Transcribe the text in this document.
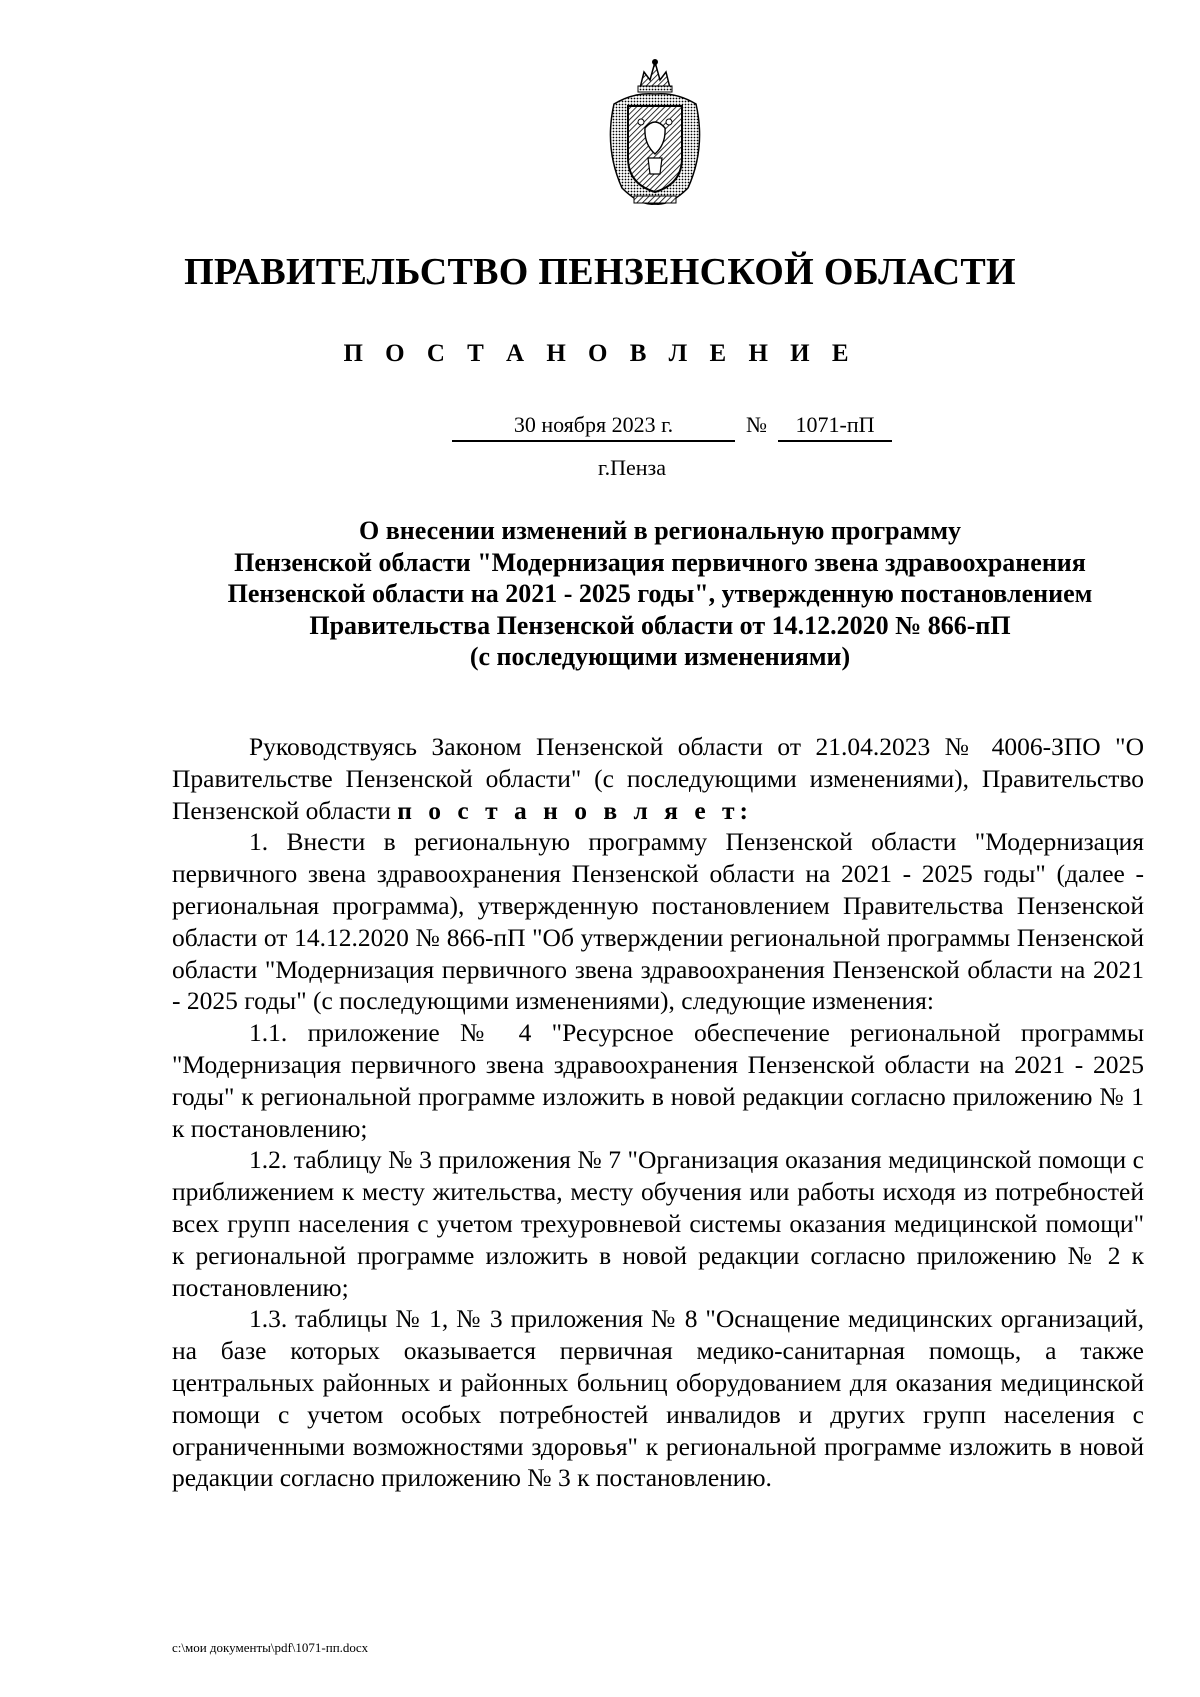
ПРАВИТЕЛЬСТВО ПЕНЗЕНСКОЙ ОБЛАСТИ
П О С Т А Н О В Л Е Н И Е
30 ноября 2023 г.	№	1071-пП
г.Пенза
О внесении изменений в региональную программу
Пензенской области "Модернизация первичного звена здравоохранения
Пензенской области на 2021 - 2025 годы", утвержденную постановлением
Правительства Пензенской области от 14.12.2020 № 866-пП
(с последующими изменениями)

Руководствуясь Законом Пензенской области от 21.04.2023 № 4006-ЗПО "О Правительстве Пензенской области" (с последующими изменениями), Правительство Пензенской области п о с т а н о в л я е т:

1. Внести в региональную программу Пензенской области "Модернизация первичного звена здравоохранения Пензенской области на 2021 - 2025 годы" (далее - региональная программа), утвержденную постановлением Правительства Пензенской области от 14.12.2020 № 866-пП "Об утверждении региональной программы Пензенской области "Модернизация первичного звена здравоохранения Пензенской области на 2021 - 2025 годы" (с последующими изменениями), следующие изменения:

1.1. приложение № 4 "Ресурсное обеспечение региональной программы "Модернизация первичного звена здравоохранения Пензенской области на 2021 - 2025 годы" к региональной программе изложить в новой редакции согласно приложению № 1 к постановлению;

1.2. таблицу № 3 приложения № 7 "Организация оказания медицинской помощи с приближением к месту жительства, месту обучения или работы исходя из потребностей всех групп населения с учетом трехуровневой системы оказания медицинской помощи" к региональной программе изложить в новой редакции согласно приложению № 2 к постановлению;

1.3. таблицы № 1, № 3 приложения № 8 "Оснащение медицинских организаций, на базе которых оказывается первичная медико-санитарная помощь, а также центральных районных и районных больниц оборудованием для оказания медицинской помощи с учетом особых потребностей инвалидов и других групп населения с ограниченными возможностями здоровья" к региональной программе изложить в новой редакции согласно приложению № 3 к постановлению.

c:\мои документы\pdf\1071-пп.docx
